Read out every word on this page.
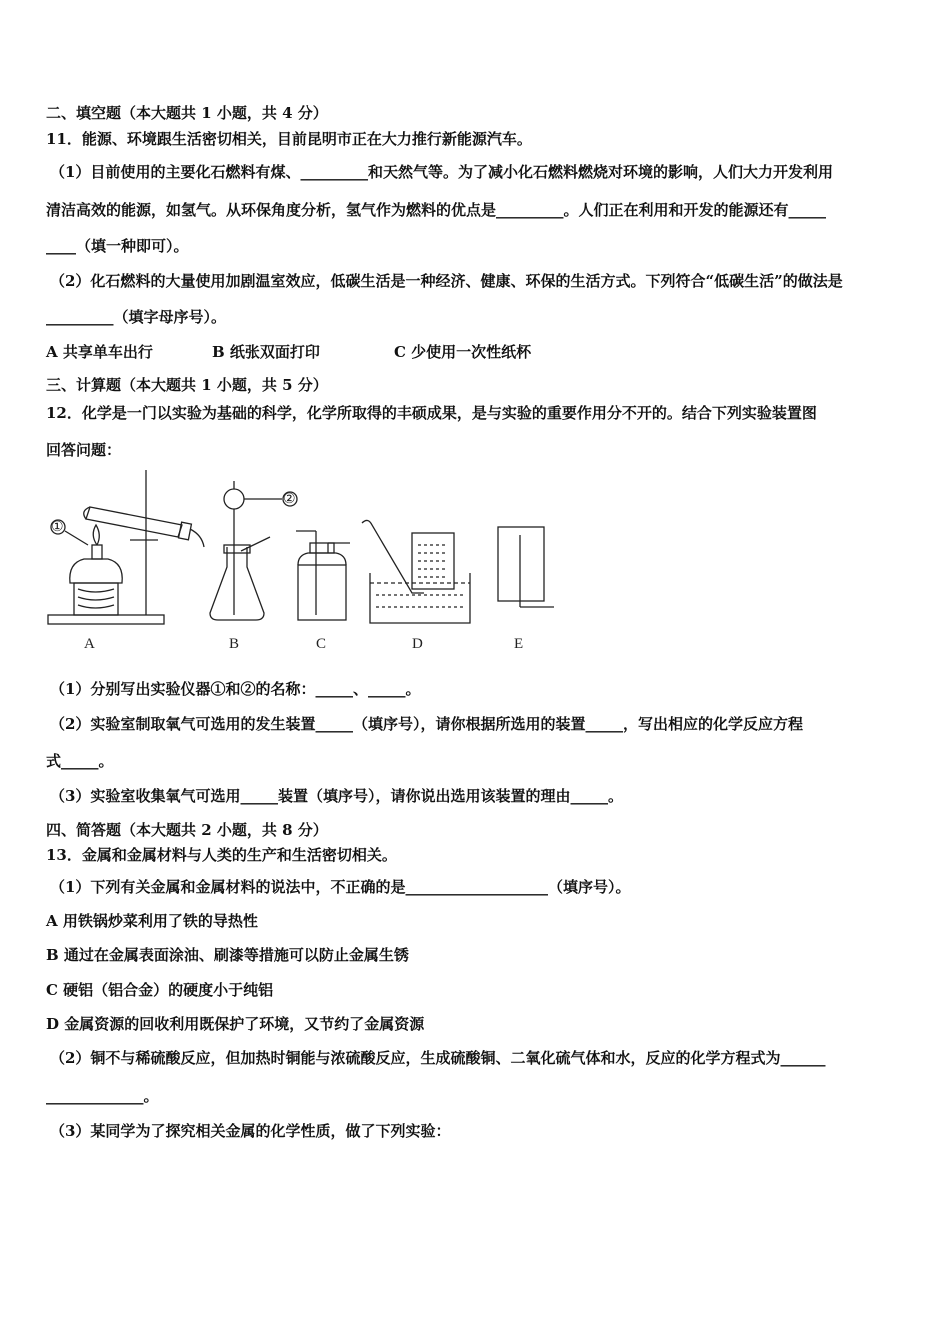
二、填空题（本大题共 1 小题，共 4 分）
11．能源、环境跟生活密切相关，目前昆明市正在大力推行新能源汽车。
（1）目前使用的主要化石燃料有煤、_________和天然气等。为了减小化石燃料燃烧对环境的影响，人们大力开发利用
清洁高效的能源，如氢气。从环保角度分析，氢气作为燃料的优点是_________。人们正在利用和开发的能源还有_____
____（填一种即可）。
（2）化石燃料的大量使用加剧温室效应，低碳生活是一种经济、健康、环保的生活方式。下列符合“低碳生活”的做法是
_________（填字母序号）。
A 共享单车出行	B 纸张双面打印	C 少使用一次性纸杯
三、计算题（本大题共 1 小题，共 5 分）
12．化学是一门以实验为基础的科学，化学所取得的丰硕成果，是与实验的重要作用分不开的。结合下列实验装置图
回答问题：
A	B	C	D	E
①
②
（1）分别写出实验仪器①和②的名称：_____、_____。
（2）实验室制取氧气可选用的发生装置_____（填序号），请你根据所选用的装置_____，写出相应的化学反应方程
式_____。
（3）实验室收集氧气可选用_____装置（填序号），请你说出选用该装置的理由_____。
四、简答题（本大题共 2 小题，共 8 分）
13．金属和金属材料与人类的生产和生活密切相关。
（1）下列有关金属和金属材料的说法中，不正确的是___________________（填序号）。
A 用铁锅炒菜利用了铁的导热性
B 通过在金属表面涂油、刷漆等措施可以防止金属生锈
C 硬铝（铝合金）的硬度小于纯铝
D 金属资源的回收利用既保护了环境，又节约了金属资源
（2）铜不与稀硫酸反应，但加热时铜能与浓硫酸反应，生成硫酸铜、二氧化硫气体和水，反应的化学方程式为______
_____________。
（3）某同学为了探究相关金属的化学性质，做了下列实验：
